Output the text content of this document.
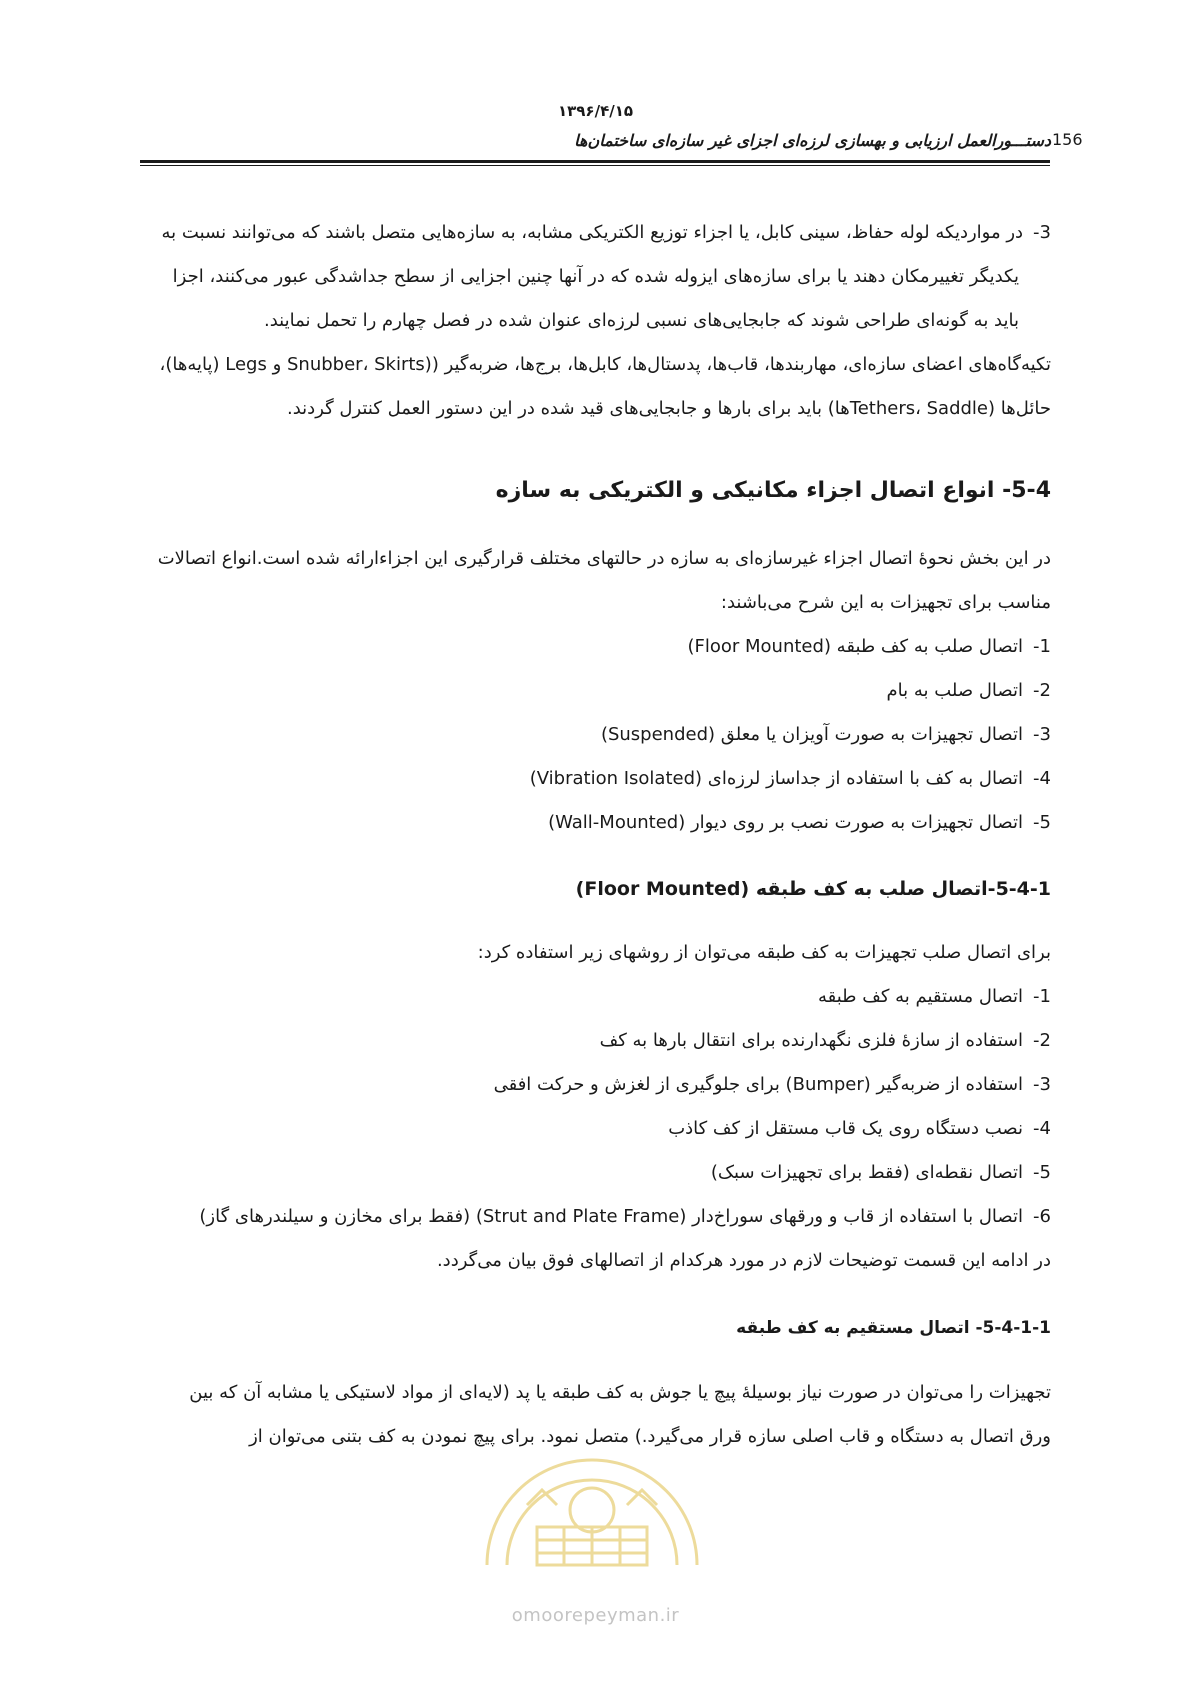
۱۳۹۶/۴/۱۵
دستـــورالعمل ارزیابی و بهسازی لرزه‌ای اجزای غیر سازه‌ای ساختمان‌ها 156
-3در مواردیکه لوله حفاظ، سینی کابل، یا اجزاء توزیع الکتریکی مشابه، به سازه‌هایی متصل باشند که می‌توانند نسبت به
یکدیگر تغییرمکان دهند یا برای سازه‌های ایزوله شده که در آنها چنین اجزایی از سطح جداشدگی عبور می‌کنند، اجزا
باید به گونه‌ای طراحی شوند که جابجایی‌های نسبی لرزه‌ای عنوان شده در فصل چهارم را تحمل نمایند.
تکیه‌گاه‌های اعضای سازه‌ای، مهاربندها، قاب‌ها، پدستال‌ها، کابل‌ها، برج‌ها، ضربه‌گیر ((Snubber، Skirts و Legs (پایه‌ها)،
حائل‌ها (Tethers، Saddleها) باید برای بارها و جابجایی‌های قید شده در این دستور العمل کنترل گردند.
5-4- انواع اتصال اجزاء مکانیکی و الکتریکی به سازه
در این بخش نحوهٔ اتصال اجزاء غیرسازه‌ای به سازه در حالتهای مختلف قرارگیری این اجزاءارائه شده است.انواع اتصالات
مناسب برای تجهیزات به این شرح می‌باشند:
-1اتصال صلب به کف طبقه (Floor Mounted)
-2اتصال صلب به بام
-3اتصال تجهیزات به صورت آویزان یا معلق (Suspended)
-4اتصال به کف با استفاده از جداساز لرزه‌ای (Vibration Isolated)
-5اتصال تجهیزات به صورت نصب بر روی دیوار (Wall-Mounted)
5-4-1-اتصال صلب به کف طبقه (Floor Mounted)
برای اتصال صلب تجهیزات به کف طبقه می‌توان از روشهای زیر استفاده کرد:
-1اتصال مستقیم به کف طبقه
-2استفاده از سازهٔ فلزی نگهدارنده برای انتقال بارها به کف
-3استفاده از ضربه‌گیر (Bumper) برای جلوگیری از لغزش و حرکت افقی
-4نصب دستگاه روی یک قاب مستقل از کف کاذب
-5اتصال نقطه‌ای (فقط برای تجهیزات سبک)
-6اتصال با استفاده از قاب و ورقهای سوراخ‌دار (Strut and Plate Frame) (فقط برای مخازن و سیلندرهای گاز)
در ادامه این قسمت توضیحات لازم در مورد هرکدام از اتصالهای فوق بیان می‌گردد.
5-4-1-1- اتصال مستقیم به کف طبقه
تجهیزات را می‌توان در صورت نیاز بوسیلهٔ پیچ یا جوش به کف طبقه یا پد (لایه‌ای از مواد لاستیکی یا مشابه آن که بین
ورق اتصال به دستگاه و قاب اصلی سازه قرار می‌گیرد.) متصل نمود. برای پیچ نمودن به کف بتنی می‌توان از
omoorepeyman.ir
